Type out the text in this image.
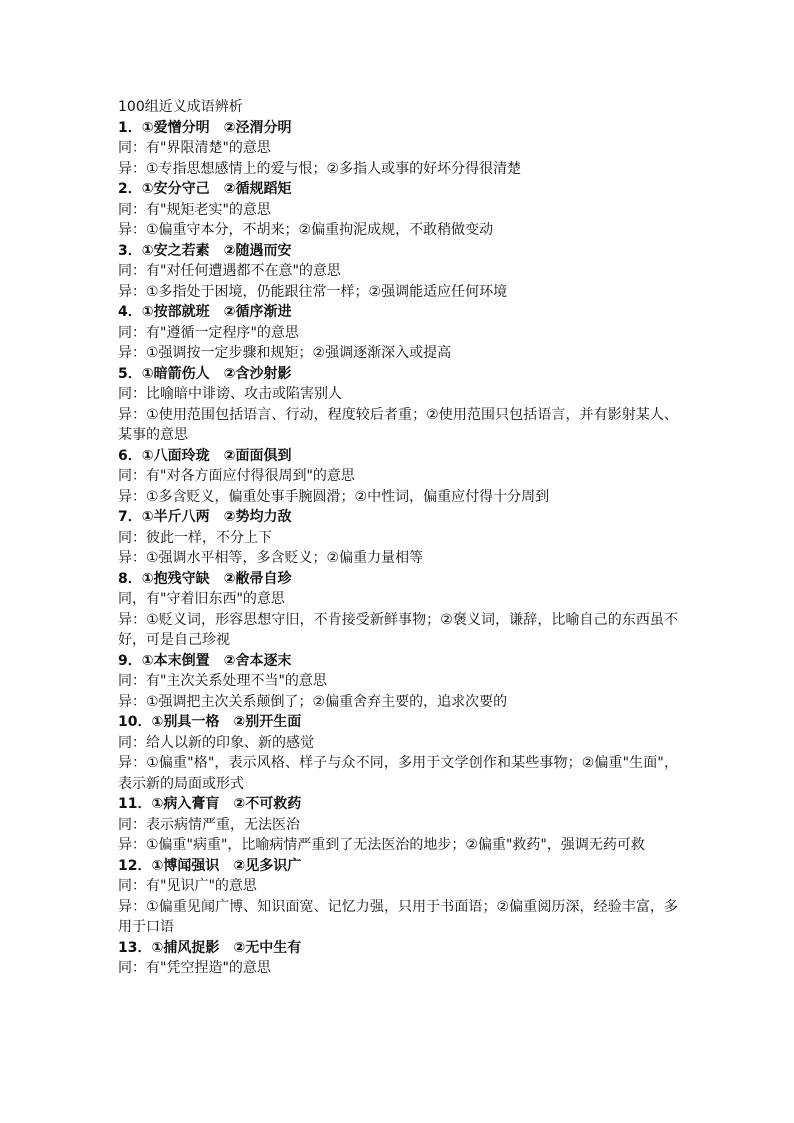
100组近义成语辨析
1．①爱憎分明　②泾渭分明
同：有"界限清楚"的意思
异：①专指思想感情上的爱与恨；②多指人或事的好坏分得很清楚
2．①安分守己　②循规蹈矩
同：有"规矩老实"的意思
异：①偏重守本分，不胡来；②偏重拘泥成规，不敢稍做变动
3．①安之若素　②随遇而安
同：有"对任何遭遇都不在意"的意思
异：①多指处于困境，仍能跟往常一样；②强调能适应任何环境
4．①按部就班　②循序渐进
同：有"遵循一定程序"的意思
异：①强调按一定步骤和规矩；②强调逐渐深入或提高
5．①暗箭伤人　②含沙射影
同：比喻暗中诽谤、攻击或陷害别人
异：①使用范围包括语言、行动，程度较后者重；②使用范围只包括语言，并有影射某人、某事的意思
6．①八面玲珑　②面面俱到
同：有"对各方面应付得很周到"的意思
异：①多含贬义，偏重处事手腕圆滑；②中性词，偏重应付得十分周到
7．①半斤八两　②势均力敌
同：彼此一样，不分上下
异：①强调水平相等，多含贬义；②偏重力量相等
8．①抱残守缺　②敝帚自珍
同，有"守着旧东西"的意思
异：①贬义词，形容思想守旧，不肯接受新鲜事物；②褒义词，谦辞，比喻自己的东西虽不好，可是自己珍视
9．①本末倒置　②舍本逐末
同：有"主次关系处理不当"的意思
异：①强调把主次关系颠倒了；②偏重舍弃主要的，追求次要的
10．①别具一格　②别开生面
同：给人以新的印象、新的感觉
异：①偏重"格"，表示风格、样子与众不同，多用于文学创作和某些事物；②偏重"生面"，表示新的局面或形式
11．①病入膏肓　②不可救药
同：表示病情严重，无法医治
异：①偏重"病重"，比喻病情严重到了无法医治的地步；②偏重"救药"，强调无药可救
12．①博闻强识　②见多识广
同：有"见识广"的意思
异：①偏重见闻广博、知识面宽、记忆力强，只用于书面语；②偏重阅历深，经验丰富，多用于口语
13．①捕风捉影　②无中生有
同：有"凭空捏造"的意思
